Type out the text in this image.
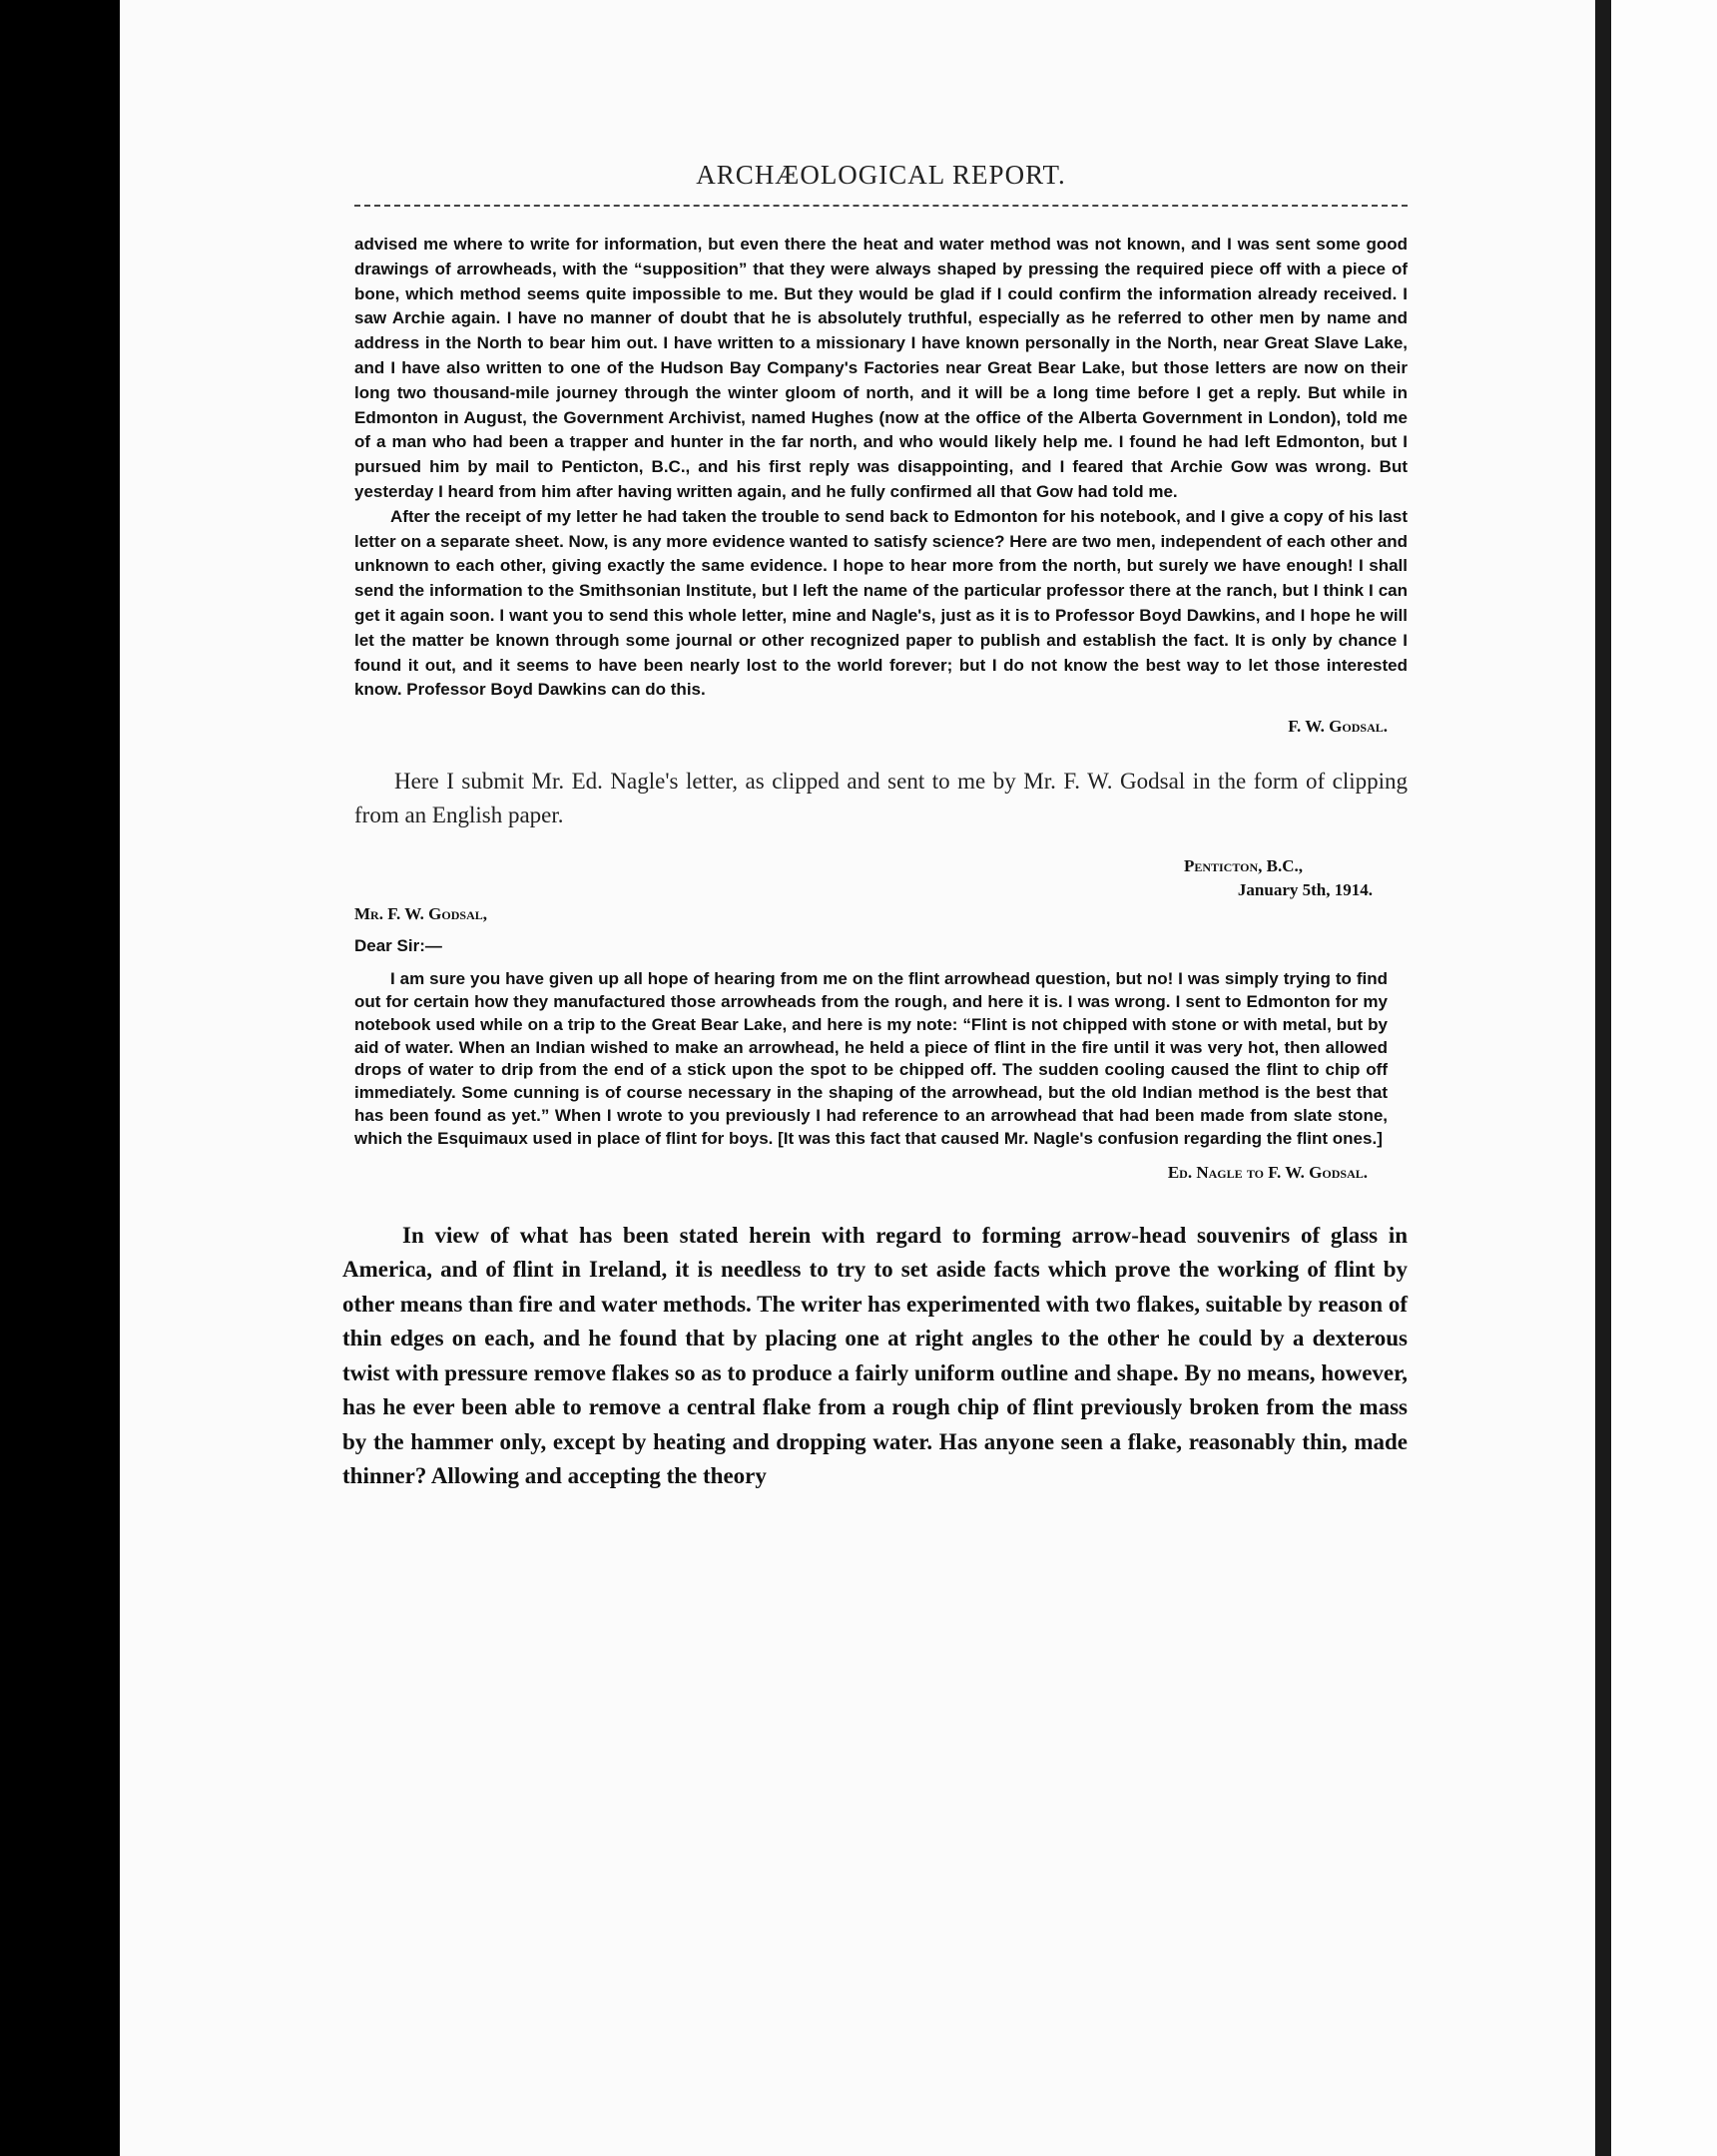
ARCHÆOLOGICAL REPORT.

advised me where to write for information, but even there the heat and water method was not known, and I was sent some good drawings of arrowheads, with the “supposition” that they were always shaped by pressing the required piece off with a piece of bone, which method seems quite impossible to me. But they would be glad if I could confirm the information already received. I saw Archie again. I have no manner of doubt that he is absolutely truthful, especially as he referred to other men by name and address in the North to bear him out. I have written to a missionary I have known personally in the North, near Great Slave Lake, and I have also written to one of the Hudson Bay Company's Factories near Great Bear Lake, but those letters are now on their long two thousand-mile journey through the winter gloom of north, and it will be a long time before I get a reply. But while in Edmonton in August, the Government Archivist, named Hughes (now at the office of the Alberta Government in London), told me of a man who had been a trapper and hunter in the far north, and who would likely help me. I found he had left Edmonton, but I pursued him by mail to Penticton, B.C., and his first reply was disappointing, and I feared that Archie Gow was wrong. But yesterday I heard from him after having written again, and he fully confirmed all that Gow had told me.

After the receipt of my letter he had taken the trouble to send back to Edmonton for his notebook, and I give a copy of his last letter on a separate sheet. Now, is any more evidence wanted to satisfy science? Here are two men, independent of each other and unknown to each other, giving exactly the same evidence. I hope to hear more from the north, but surely we have enough! I shall send the information to the Smithsonian Institute, but I left the name of the particular professor there at the ranch, but I think I can get it again soon. I want you to send this whole letter, mine and Nagle's, just as it is to Professor Boyd Dawkins, and I hope he will let the matter be known through some journal or other recognized paper to publish and establish the fact. It is only by chance I found it out, and it seems to have been nearly lost to the world forever; but I do not know the best way to let those interested know. Professor Boyd Dawkins can do this.

F. W. Godsal.

Here I submit Mr. Ed. Nagle's letter, as clipped and sent to me by Mr. F. W. Godsal in the form of clipping from an English paper.

Penticton, B.C.,
January 5th, 1914.
Mr. F. W. Godsal,
Dear Sir:—

I am sure you have given up all hope of hearing from me on the flint arrowhead question, but no! I was simply trying to find out for certain how they manufactured those arrowheads from the rough, and here it is. I was wrong. I sent to Edmonton for my notebook used while on a trip to the Great Bear Lake, and here is my note: “Flint is not chipped with stone or with metal, but by aid of water. When an Indian wished to make an arrowhead, he held a piece of flint in the fire until it was very hot, then allowed drops of water to drip from the end of a stick upon the spot to be chipped off. The sudden cooling caused the flint to chip off immediately. Some cunning is of course necessary in the shaping of the arrowhead, but the old Indian method is the best that has been found as yet.” When I wrote to you previously I had reference to an arrowhead that had been made from slate stone, which the Esquimaux used in place of flint for boys. [It was this fact that caused Mr. Nagle's confusion regarding the flint ones.]

Ed. Nagle to F. W. Godsal.

In view of what has been stated herein with regard to forming arrow-head souvenirs of glass in America, and of flint in Ireland, it is needless to try to set aside facts which prove the working of flint by other means than fire and water methods. The writer has experimented with two flakes, suitable by reason of thin edges on each, and he found that by placing one at right angles to the other he could by a dexterous twist with pressure remove flakes so as to produce a fairly uniform outline and shape. By no means, however, has he ever been able to remove a central flake from a rough chip of flint previously broken from the mass by the hammer only, except by heating and dropping water. Has anyone seen a flake, reasonably thin, made thinner? Allowing and accepting the theory
